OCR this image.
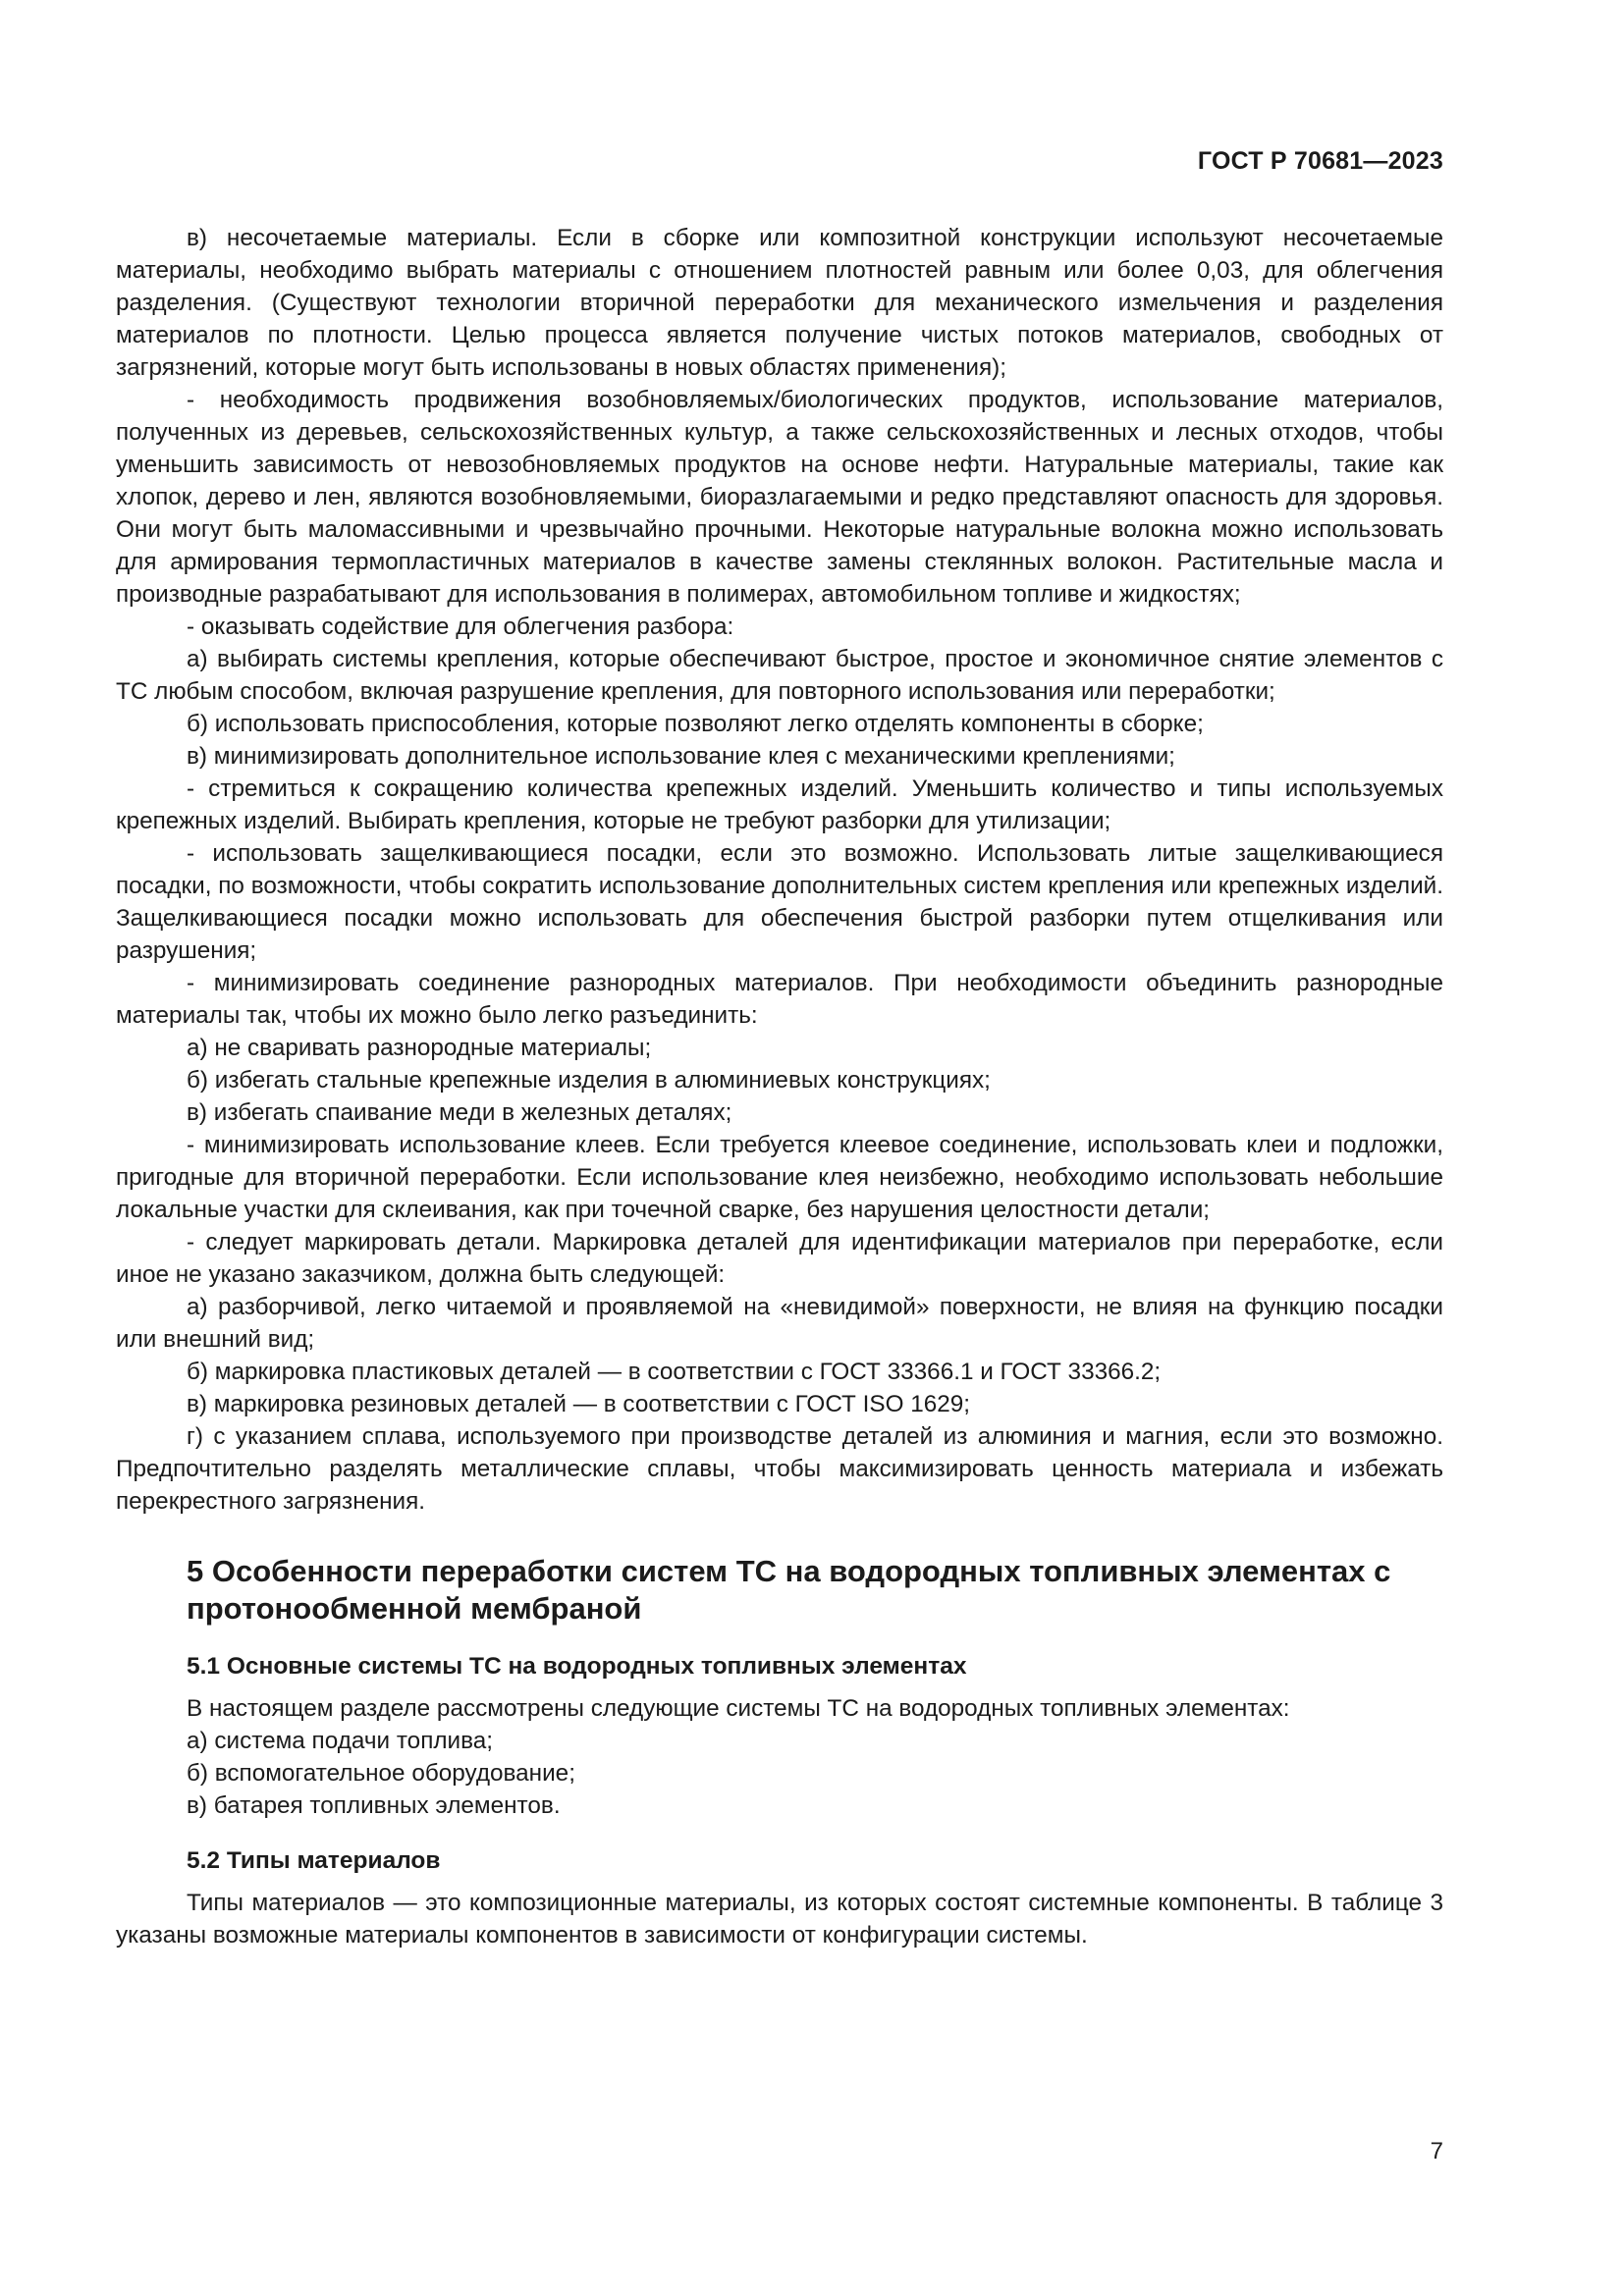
ГОСТ Р 70681—2023

в) несочетаемые материалы. Если в сборке или композитной конструкции используют несочетаемые материалы, необходимо выбрать материалы с отношением плотностей равным или более 0,03, для облегчения разделения. (Существуют технологии вторичной переработки для механического измельчения и разделения материалов по плотности. Целью процесса является получение чистых потоков материалов, свободных от загрязнений, которые могут быть использованы в новых областях применения);

- необходимость продвижения возобновляемых/биологических продуктов, использование материалов, полученных из деревьев, сельскохозяйственных культур, а также сельскохозяйственных и лесных отходов, чтобы уменьшить зависимость от невозобновляемых продуктов на основе нефти. Натуральные материалы, такие как хлопок, дерево и лен, являются возобновляемыми, биоразлагаемыми и редко представляют опасность для здоровья. Они могут быть маломассивными и чрезвычайно прочными. Некоторые натуральные волокна можно использовать для армирования термопластичных материалов в качестве замены стеклянных волокон. Растительные масла и производные разрабатывают для использования в полимерах, автомобильном топливе и жидкостях;

- оказывать содействие для облегчения разбора:

а) выбирать системы крепления, которые обеспечивают быстрое, простое и экономичное снятие элементов с ТС любым способом, включая разрушение крепления, для повторного использования или переработки;

б) использовать приспособления, которые позволяют легко отделять компоненты в сборке;

в) минимизировать дополнительное использование клея с механическими креплениями;

- стремиться к сокращению количества крепежных изделий. Уменьшить количество и типы используемых крепежных изделий. Выбирать крепления, которые не требуют разборки для утилизации;

- использовать защелкивающиеся посадки, если это возможно. Использовать литые защелкивающиеся посадки, по возможности, чтобы сократить использование дополнительных систем крепления или крепежных изделий. Защелкивающиеся посадки можно использовать для обеспечения быстрой разборки путем отщелкивания или разрушения;

- минимизировать соединение разнородных материалов. При необходимости объединить разнородные материалы так, чтобы их можно было легко разъединить:

а) не сваривать разнородные материалы;

б) избегать стальные крепежные изделия в алюминиевых конструкциях;

в) избегать спаивание меди в железных деталях;

- минимизировать использование клеев. Если требуется клеевое соединение, использовать клеи и подложки, пригодные для вторичной переработки. Если использование клея неизбежно, необходимо использовать небольшие локальные участки для склеивания, как при точечной сварке, без нарушения целостности детали;

- следует маркировать детали. Маркировка деталей для идентификации материалов при переработке, если иное не указано заказчиком, должна быть следующей:

а) разборчивой, легко читаемой и проявляемой на «невидимой» поверхности, не влияя на функцию посадки или внешний вид;

б) маркировка пластиковых деталей — в соответствии с ГОСТ 33366.1 и ГОСТ 33366.2;

в) маркировка резиновых деталей — в соответствии с ГОСТ ISO 1629;

г) с указанием сплава, используемого при производстве деталей из алюминия и магния, если это возможно. Предпочтительно разделять металлические сплавы, чтобы максимизировать ценность материала и избежать перекрестного загрязнения.

5 Особенности переработки систем ТС на водородных топливных элементах с протонообменной мембраной
5.1 Основные системы ТС на водородных топливных элементах

В настоящем разделе рассмотрены следующие системы ТС на водородных топливных элементах:

а) система подачи топлива;

б) вспомогательное оборудование;

в) батарея топливных элементов.

5.2 Типы материалов

Типы материалов — это композиционные материалы, из которых состоят системные компоненты. В таблице 3 указаны возможные материалы компонентов в зависимости от конфигурации системы.

7
